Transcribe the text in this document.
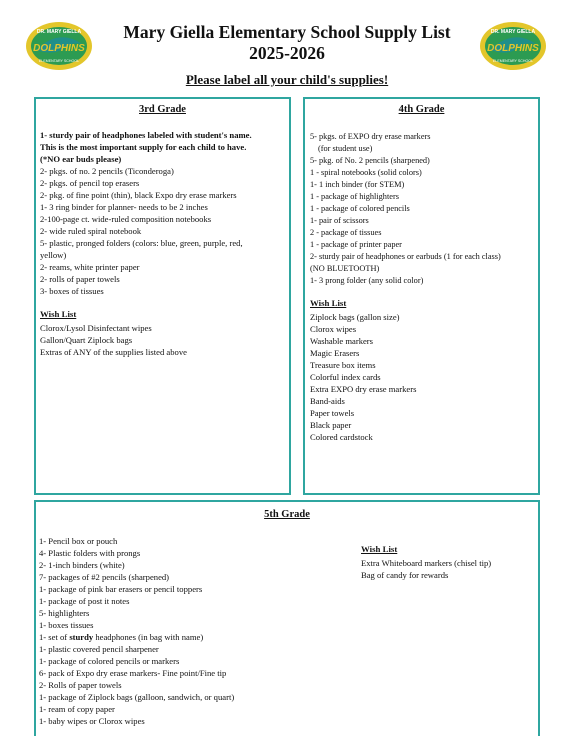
DR. MARY GIELLA
DOLPHINS
ELEMENTARY SCHOOL
DR. MARY GIELLA
DOLPHINS
ELEMENTARY SCHOOL
Mary Giella Elementary School Supply List
2025-2026
Please label all your child's supplies!
3rd Grade
1- sturdy pair of headphones labeled with student's name.
This is the most important supply for each child to have.
(*NO ear buds please)
2- pkgs. of no. 2 pencils (Ticonderoga)
2- pkgs. of pencil top erasers
2- pkg. of fine point (thin), black Expo dry erase markers
1- 3 ring binder for planner- needs to be 2 inches
2-100-page ct. wide-ruled composition notebooks
2- wide ruled spiral notebook
5- plastic, pronged folders (colors: blue, green, purple, red,
yellow)
2- reams, white printer paper
2- rolls of paper towels
3- boxes of tissues
Wish List
Clorox/Lysol Disinfectant wipes
Gallon/Quart Ziplock bags
Extras of ANY of the supplies listed above
4th Grade
5- pkgs. of EXPO dry erase markers
(for student use)
5- pkg. of No. 2 pencils (sharpened)
1 - spiral notebooks (solid colors)
1- 1 inch binder (for STEM)
1 - package of highlighters
1 - package of colored pencils
1- pair of scissors
2 - package of tissues
1 - package of printer paper
2- sturdy pair of headphones or earbuds (1 for each class)
(NO BLUETOOTH)
1- 3 prong folder (any solid color)
Wish List
Ziplock bags (gallon size)
Clorox wipes
Washable markers
Magic Erasers
Treasure box items
Colorful index cards
Extra EXPO dry erase markers
Band-aids
Paper towels
Black paper
Colored cardstock
5th Grade
1- Pencil box or pouch
4- Plastic folders with prongs
2- 1-inch binders (white)
7- packages of #2 pencils (sharpened)
1- package of pink bar erasers or pencil toppers
1- package of post it notes
5- highlighters
1- boxes tissues
1- set of sturdy headphones (in bag with name)
1- plastic covered pencil sharpener
1- package of colored pencils or markers
6- pack of Expo dry erase markers- Fine point/Fine tip
2- Rolls of paper towels
1- package of Ziplock bags (galloon, sandwich, or quart)
1- ream of copy paper
1- baby wipes or Clorox wipes
Wish List
Extra Whiteboard markers (chisel tip)
Bag of candy for rewards
